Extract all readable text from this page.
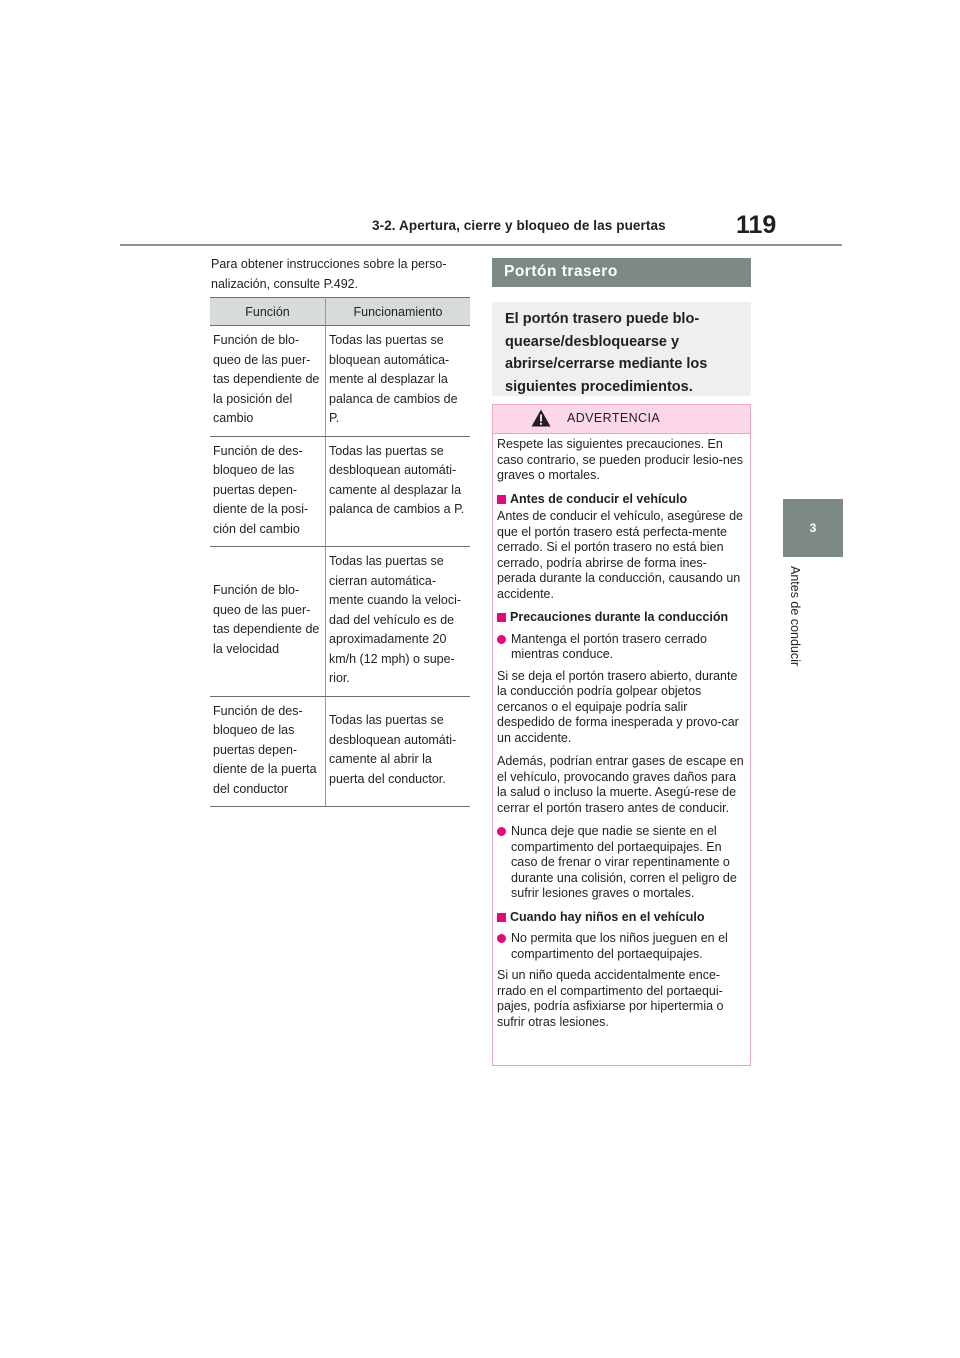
3-2. Apertura, cierre y bloqueo de las puertas	119
3
Antes de conducir
Para obtener instrucciones sobre la perso-nalización, consulte P.492.
Función	Funcionamiento
Función de blo-queo de las puer-tas dependiente de la posición del cambio	Todas las puertas se bloquean automática-mente al desplazar la palanca de cambios de P.
Función de des-bloqueo de las puertas depen-diente de la posi-ción del cambio	Todas las puertas se desbloquean automáti-camente al desplazar la palanca de cambios a P.
Función de blo-queo de las puer-tas dependiente de la velocidad	Todas las puertas se cierran automática-mente cuando la veloci-dad del vehículo es de aproximadamente 20 km/h (12 mph) o supe-rior.
Función de des-bloqueo de las puertas depen-diente de la puerta del conductor	Todas las puertas se desbloquean automáti-camente al abrir la puerta del conductor.
Portón trasero
El portón trasero puede blo-quearse/desbloquearse y abrirse/cerrarse mediante los siguientes procedimientos.
ADVERTENCIA

Respete las siguientes precauciones. En caso contrario, se pueden producir lesio-nes graves o mortales.

Antes de conducir el vehículo

Antes de conducir el vehículo, asegúrese de que el portón trasero está perfecta-mente cerrado. Si el portón trasero no está bien cerrado, podría abrirse de forma ines-perada durante la conducción, causando un accidente.

Precauciones durante la conducción

Mantenga el portón trasero cerrado mientras conduce.

Si se deja el portón trasero abierto, durante la conducción podría golpear objetos cercanos o el equipaje podría salir despedido de forma inesperada y provo-car un accidente.

Además, podrían entrar gases de escape en el vehículo, provocando graves daños para la salud o incluso la muerte. Asegú-rese de cerrar el portón trasero antes de conducir.

Nunca deje que nadie se siente en el compartimento del portaequipajes. En caso de frenar o virar repentinamente o durante una colisión, corren el peligro de sufrir lesiones graves o mortales.

Cuando hay niños en el vehículo

No permita que los niños jueguen en el compartimento del portaequipajes.

Si un niño queda accidentalmente ence-rrado en el compartimento del portaequi-pajes, podría asfixiarse por hipertermia o sufrir otras lesiones.
